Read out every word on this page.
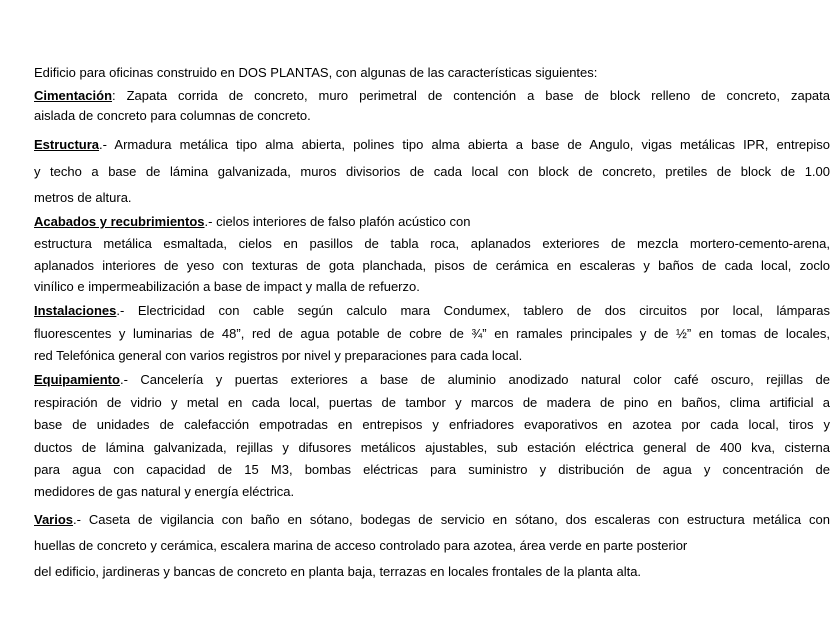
Edificio para oficinas construido en DOS PLANTAS, con algunas de las características siguientes:
Cimentación: Zapata corrida de concreto, muro perimetral de contención a base de block relleno de concreto, zapata
aislada de concreto para columnas de concreto.
Estructura.- Armadura metálica tipo alma abierta, polines tipo alma abierta a base de Angulo, vigas metálicas IPR, entrepiso
y techo a base de lámina galvanizada, muros divisorios de cada local con block de concreto, pretiles de block de 1.00
metros de altura.
Acabados y recubrimientos.- cielos interiores de falso plafón acústico con
estructura metálica esmaltada, cielos en pasillos de tabla roca, aplanados exteriores de mezcla mortero-cemento-arena,
aplanados interiores de yeso con texturas de gota planchada, pisos de cerámica en escaleras y baños de cada local, zoclo
vinílico e impermeabilización a base de impact y malla de refuerzo.
Instalaciones.- Electricidad con cable según calculo mara Condumex, tablero de dos circuitos por local, lámparas
fluorescentes y luminarias de 48”, red de agua potable de cobre de ¾” en ramales principales y de ½” en tomas de locales,
red Telefónica general con varios registros por nivel y preparaciones para cada local.
Equipamiento.- Cancelería y puertas exteriores a base de aluminio anodizado natural color café oscuro, rejillas de
respiración de vidrio y metal en cada local, puertas de tambor y marcos de madera de pino en baños, clima artificial a
base de unidades de calefacción empotradas en entrepisos y enfriadores evaporativos en azotea por cada local, tiros y
ductos de lámina galvanizada, rejillas y difusores metálicos ajustables, sub estación eléctrica general de 400 kva, cisterna
para agua con capacidad de 15 M3, bombas eléctricas para suministro y distribución de agua y concentración de
medidores de gas natural y energía eléctrica.
Varios.- Caseta de vigilancia con baño en sótano, bodegas de servicio en sótano, dos escaleras con estructura metálica con
huellas de concreto y cerámica, escalera marina de acceso controlado para azotea, área verde en parte posterior
del edificio, jardineras y bancas de concreto en planta baja, terrazas en locales frontales de la planta alta.
